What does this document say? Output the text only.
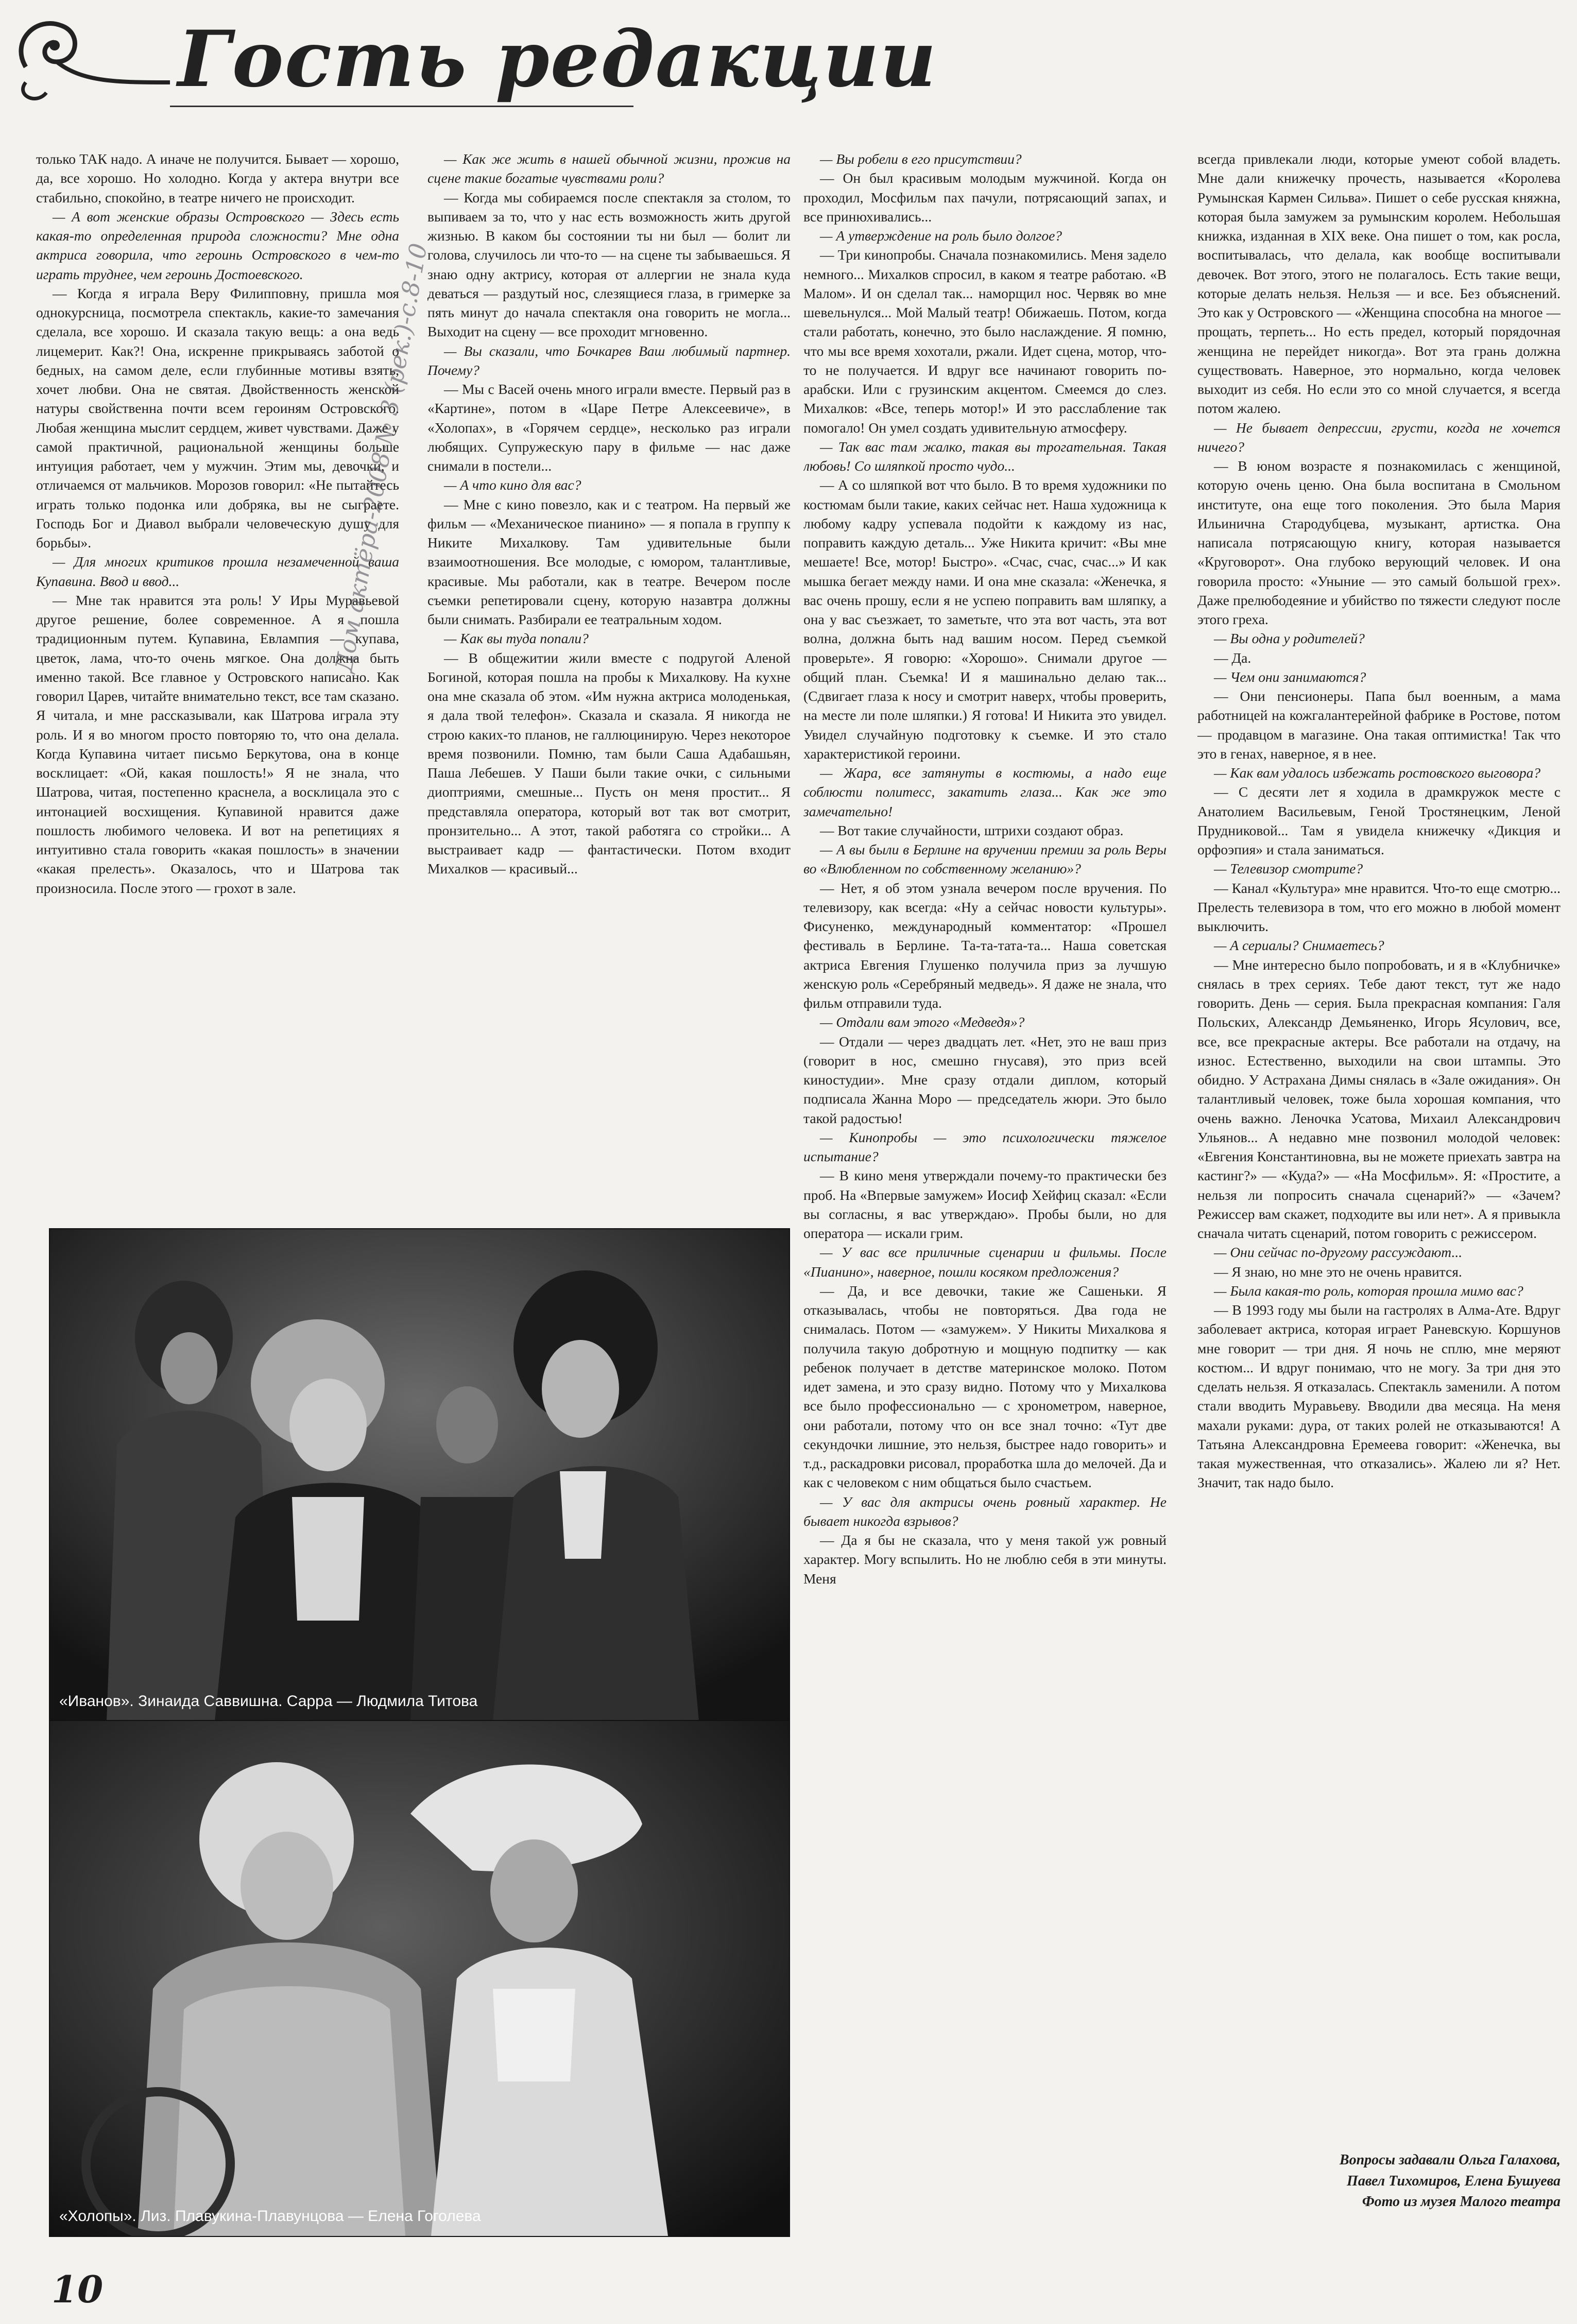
Гость редакции

только ТАК надо. А иначе не получится. Бывает — хорошо, да, все хорошо. Но холодно. Когда у актера внутри все стабильно, спокойно, в театре ничего не происходит.

— А вот женские образы Островского — Здесь есть какая-то определенная природа сложности? Мне одна актриса говорила, что героинь Островского в чем-то играть труднее, чем героинь Достоевского.

— Когда я играла Веру Филипповну, пришла моя однокурсница, посмотрела спектакль, какие-то замечания сделала, все хорошо. И сказала такую вещь: а она ведь лицемерит. Как?! Она, искренне прикрываясь заботой о бедных, на самом деле, если глубинные мотивы взять, хочет любви. Она не святая. Двойственность женской натуры свойственна почти всем героиням Островского. Любая женщина мыслит сердцем, живет чувствами. Даже у самой практичной, рациональной женщины больше интуиция работает, чем у мужчин. Этим мы, девочки, и отличаемся от мальчиков. Морозов говорил: «Не пытайтесь играть только подонка или добряка, вы не сыграете. Господь Бог и Диавол выбрали человеческую душу для борьбы».

— Для многих критиков прошла незамеченной ваша Купавина. Ввод и ввод...

— Мне так нравится эта роль! У Иры Муравьевой другое решение, более современное. А я пошла традиционным путем. Купавина, Евлампия — купава, цветок, лама, что-то очень мягкое. Она должна быть именно такой. Все главное у Островского написано. Как говорил Царев, читайте внимательно текст, все там сказано. Я читала, и мне рассказывали, как Шатрова играла эту роль. И я во многом просто повторяю то, что она делала. Когда Купавина читает письмо Беркутова, она в конце восклицает: «Ой, какая пошлость!» Я не знала, что Шатрова, читая, постепенно краснела, а восклицала это с интонацией восхищения. Купавиной нравится даже пошлость любимого человека. И вот на репетициях я интуитивно стала говорить «какая пошлость» в значении «какая прелесть». Оказалось, что и Шатрова так произносила. После этого — грохот в зале.

— Как же жить в нашей обычной жизни, прожив на сцене такие богатые чувствами роли?

— Когда мы собираемся после спектакля за столом, то выпиваем за то, что у нас есть возможность жить другой жизнью. В каком бы состоянии ты ни был — болит ли голова, случилось ли что-то — на сцене ты забываешься. Я знаю одну актрису, которая от аллергии не знала куда деваться — раздутый нос, слезящиеся глаза, в гримерке за пять минут до начала спектакля она говорить не могла... Выходит на сцену — все проходит мгновенно.

— Вы сказали, что Бочкарев Ваш любимый партнер. Почему?

— Мы с Васей очень много играли вместе. Первый раз в «Картине», потом в «Царе Петре Алексеевиче», в «Холопах», в «Горячем сердце», несколько раз играли любящих. Супружескую пару в фильме — нас даже снимали в постели...

— А что кино для вас?

— Мне с кино повезло, как и с театром. На первый же фильм — «Механическое пианино» — я попала в группу к Никите Михалкову. Там удивительные были взаимоотношения. Все молодые, с юмором, талантливые, красивые. Мы работали, как в театре. Вечером после съемки репетировали сцену, которую назавтра должны были снимать. Разбирали ее театральным ходом.

— Как вы туда попали?

— В общежитии жили вместе с подругой Аленой Богиной, которая пошла на пробы к Михалкову. На кухне она мне сказала об этом. «Им нужна актриса молоденькая, я дала твой телефон». Сказала и сказала. Я никогда не строю каких-то планов, не галлюцинирую. Через некоторое время позвонили. Помню, там были Саша Адабашьян, Паша Лебешев. У Паши были такие очки, с сильными диоптриями, смешные... Пусть он меня простит... Я представляла оператора, который вот так вот смотрит, пронзительно... А этот, такой работяга со стройки... А выстраивает кадр — фантастически. Потом входит Михалков — красивый...

— Вы робели в его присутствии?

— Он был красивым молодым мужчиной. Когда он проходил, Мосфильм пах пачули, потрясающий запах, и все принюхивались...

— А утверждение на роль было долгое?

— Три кинопробы. Сначала познакомились. Меня задело немного... Михалков спросил, в каком я театре работаю. «В Малом». И он сделал так... наморщил нос. Червяк во мне шевельнулся... Мой Малый театр! Обижаешь. Потом, когда стали работать, конечно, это было наслаждение. Я помню, что мы все время хохотали, ржали. Идет сцена, мотор, что-то не получается. И вдруг все начинают говорить по- арабски. Или с грузинским акцентом. Смеемся до слез. Михалков: «Все, теперь мотор!» И это расслабление так помогало! Он умел создать удивительную атмосферу.

— Так вас там жалко, такая вы трогательная. Такая любовь! Со шляпкой просто чудо...

— А со шляпкой вот что было. В то время художники по костюмам были такие, каких сейчас нет. Наша художница к любому кадру успевала подойти к каждому из нас, поправить каждую деталь... Уже Никита кричит: «Вы мне мешаете! Все, мотор! Быстро». «Счас, счас, счас...» И как мышка бегает между нами. И она мне сказала: «Женечка, я вас очень прошу, если я не успею поправить вам шляпку, а она у вас съезжает, то заметьте, что эта вот часть, эта вот волна, должна быть над вашим носом. Перед съемкой проверьте». Я говорю: «Хорошо». Снимали другое — общий план. Съемка! И я машинально делаю так... (Сдвигает глаза к носу и смотрит наверх, чтобы проверить, на месте ли поле шляпки.) Я готова! И Никита это увидел. Увидел случайную подготовку к съемке. И это стало характеристикой героини.

— Жара, все затянуты в костюмы, а надо еще соблюсти политесс, закатить глаза... Как же это замечательно!

— Вот такие случайности, штрихи создают образ.

— А вы были в Берлине на вручении премии за роль Веры во «Влюбленном по собственному желанию»?

— Нет, я об этом узнала вечером после вручения. По телевизору, как всегда: «Ну а сейчас новости культуры». Фисуненко, международный комментатор: «Прошел фестиваль в Берлине. Та-та-тата-та... Наша советская актриса Евгения Глушенко получила приз за лучшую женскую роль «Серебряный медведь». Я даже не знала, что фильм отправили туда.

— Отдали вам этого «Медведя»?

— Отдали — через двадцать лет. «Нет, это не ваш приз (говорит в нос, смешно гнусавя), это приз всей киностудии». Мне сразу отдали диплом, который подписала Жанна Моро — председатель жюри. Это было такой радостью!

— Кинопробы — это психологически тяжелое испытание?

— В кино меня утверждали почему-то практически без проб. На «Впервые замужем» Иосиф Хейфиц сказал: «Если вы согласны, я вас утверждаю». Пробы были, но для оператора — искали грим.

— У вас все приличные сценарии и фильмы. После «Пианино», наверное, пошли косяком предложения?

— Да, и все девочки, такие же Сашеньки. Я отказывалась, чтобы не повторяться. Два года не снималась. Потом — «замужем». У Никиты Михалкова я получила такую добротную и мощную подпитку — как ребенок получает в детстве материнское молоко. Потом идет замена, и это сразу видно. Потому что у Михалкова все было профессионально — с хронометром, наверное, они работали, потому что он все знал точно: «Тут две секундочки лишние, это нельзя, быстрее надо говорить» и т.д., раскадровки рисовал, проработка шла до мелочей. Да и как с человеком с ним общаться было счастьем.

— У вас для актрисы очень ровный характер. Не бывает никогда взрывов?

— Да я бы не сказала, что у меня такой уж ровный характер. Могу вспылить. Но не люблю себя в эти минуты. Меня

всегда привлекали люди, которые умеют собой владеть. Мне дали книжечку прочесть, называется «Королева Румынская Кармен Сильва». Пишет о себе русская княжна, которая была замужем за румынским королем. Небольшая книжка, изданная в XIX веке. Она пишет о том, как росла, воспитывалась, что делала, как вообще воспитывали девочек. Вот этого, этого не полагалось. Есть такие вещи, которые делать нельзя. Нельзя — и все. Без объяснений. Это как у Островского — «Женщина способна на многое — прощать, терпеть... Но есть предел, который порядочная женщина не перейдет никогда». Вот эта грань должна существовать. Наверное, это нормально, когда человек выходит из себя. Но если это со мной случается, я всегда потом жалею.

— Не бывает депрессии, грусти, когда не хочется ничего?

— В юном возрасте я познакомилась с женщиной, которую очень ценю. Она была воспитана в Смольном институте, она еще того поколения. Это была Мария Ильинична Стародубцева, музыкант, артистка. Она написала потрясающую книгу, которая называется «Круговорот». Она глубоко верующий человек. И она говорила просто: «Уныние — это самый большой грех». Даже прелюбодеяние и убийство по тяжести следуют после этого греха.

— Вы одна у родителей?

— Да.

— Чем они занимаются?

— Они пенсионеры. Папа был военным, а мама работницей на кожгалантерейной фабрике в Ростове, потом — продавцом в магазине. Она такая оптимистка! Так что это в генах, наверное, я в нее.

— Как вам удалось избежать ростовского выговора?

— С десяти лет я ходила в драмкружок месте с Анатолием Васильевым, Геной Тростянецким, Леной Прудниковой... Там я увидела книжечку «Дикция и орфоэпия» и стала заниматься.

— Телевизор смотрите?

— Канал «Культура» мне нравится. Что-то еще смотрю... Прелесть телевизора в том, что его можно в любой момент выключить.

— А сериалы? Снимаетесь?

— Мне интересно было попробовать, и я в «Клубничке» снялась в трех сериях. Тебе дают текст, тут же надо говорить. День — серия. Была прекрасная компания: Галя Польских, Александр Демьяненко, Игорь Ясулович, все, все, все прекрасные актеры. Все работали на отдачу, на износ. Естественно, выходили на свои штампы. Это обидно. У Астрахана Димы снялась в «Зале ожидания». Он талантливый человек, тоже была хорошая компания, что очень важно. Леночка Усатова, Михаил Александрович Ульянов... А недавно мне позвонил молодой человек: «Евгения Константиновна, вы не можете приехать завтра на кастинг?» — «Куда?» — «На Мосфильм». Я: «Простите, а нельзя ли попросить сначала сценарий?» — «Зачем? Режиссер вам скажет, подходите вы или нет». А я привыкла сначала читать сценарий, потом говорить с режиссером.

— Они сейчас по-другому рассуждают...

— Я знаю, но мне это не очень нравится.

— Была какая-то роль, которая прошла мимо вас?

— В 1993 году мы были на гастролях в Алма-Ате. Вдруг заболевает актриса, которая играет Раневскую. Коршунов мне говорит — три дня. Я ночь не сплю, мне меряют костюм... И вдруг понимаю, что не могу. За три дня это сделать нельзя. Я отказалась. Спектакль заменили. А потом стали вводить Муравьеву. Вводили два месяца. На меня махали руками: дура, от таких ролей не отказываются! А Татьяна Александровна Еремеева говорит: «Женечка, вы такая мужественная, что отказались». Жалею ли я? Нет. Значит, так надо было.

«Иванов». Зинаида Саввишна. Сарра — Людмила Титова
«Холопы». Лиз. Плавукина-Плавунцова — Елена Гоголева
Вопросы задавали Ольга Галахова,
Павел Тихомиров, Елена Бушуева
Фото из музея Малого театра
Дом актёра-2008-№ 3 (рек.)-с.8-10
10
